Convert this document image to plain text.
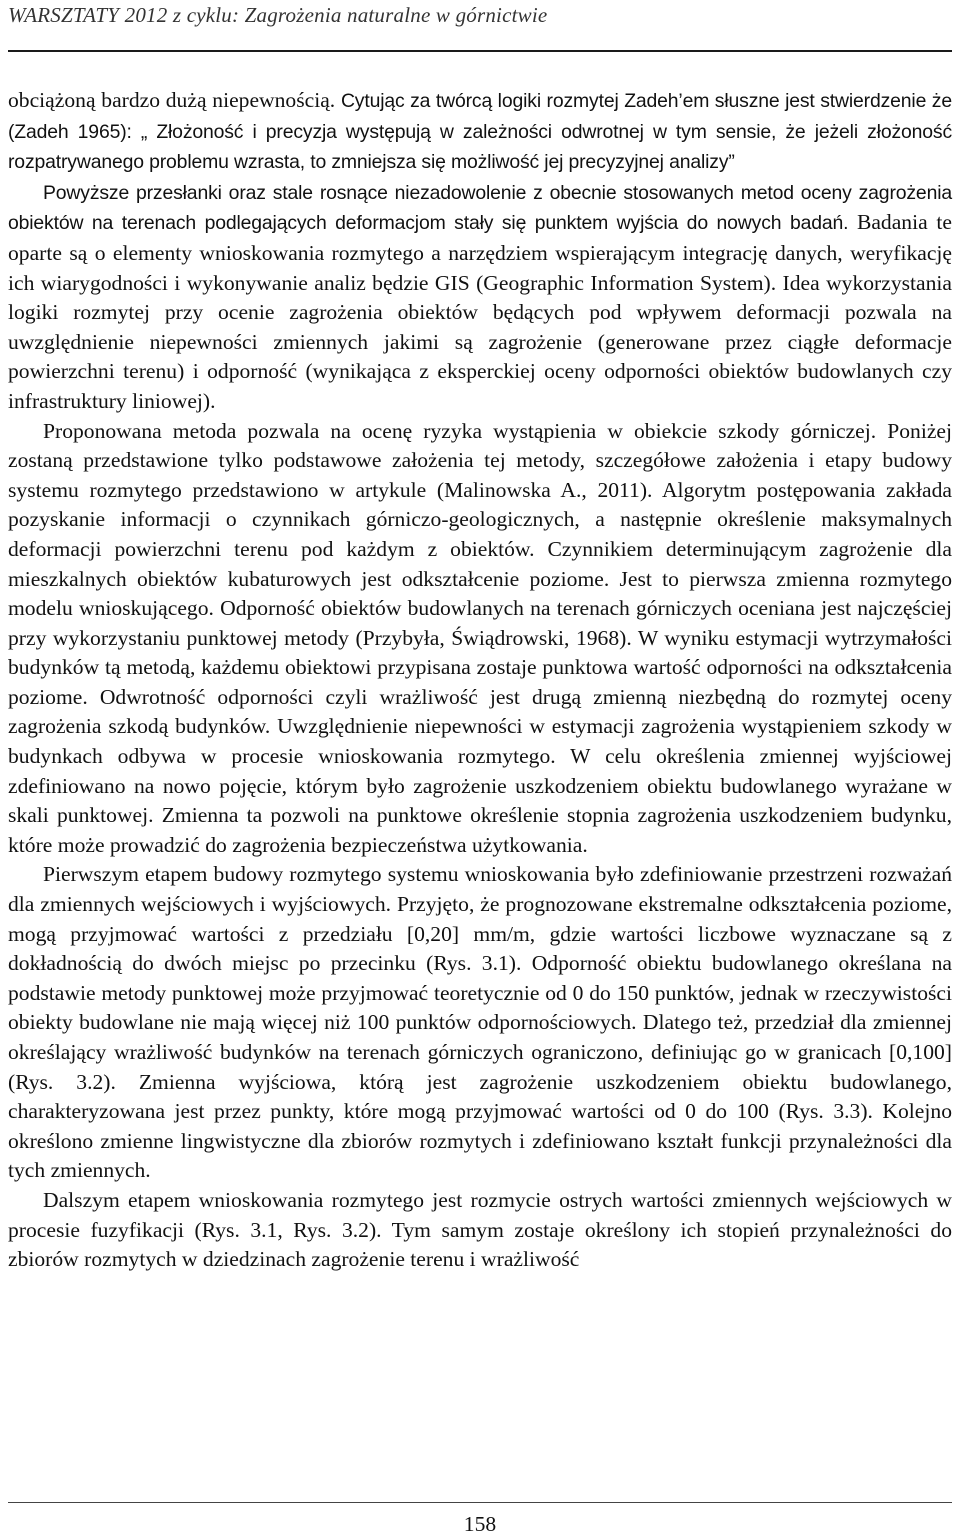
WARSZTATY 2012 z cyklu: Zagrożenia naturalne w górnictwie

obciążoną bardzo dużą niepewnością. Cytując za twórcą logiki rozmytej Zadeh’em słuszne jest stwierdzenie że (Zadeh 1965): „ Złożoność i precyzja występują w zależności odwrotnej w tym sensie, że jeżeli złożoność rozpatrywanego problemu wzrasta, to zmniejsza się możliwość jej precyzyjnej analizy”

Powyższe przesłanki oraz stale rosnące niezadowolenie z obecnie stosowanych metod oceny zagrożenia obiektów na terenach podlegających deformacjom stały się punktem wyjścia do nowych badań. Badania te oparte są o elementy wnioskowania rozmytego a narzędziem wspierającym integrację danych, weryfikację ich wiarygodności i wykonywanie analiz będzie GIS (Geographic Information System). Idea wykorzystania logiki rozmytej przy ocenie zagrożenia obiektów będących pod wpływem deformacji pozwala na uwzględnienie niepewności zmiennych jakimi są zagrożenie (generowane przez ciągłe deformacje powierzchni terenu) i odporność (wynikająca z eksperckiej oceny odporności obiektów budowlanych czy infrastruktury liniowej).

Proponowana metoda pozwala na ocenę ryzyka wystąpienia w obiekcie szkody górniczej. Poniżej zostaną przedstawione tylko podstawowe założenia tej metody, szczegółowe założenia i etapy budowy systemu rozmytego przedstawiono w artykule (Malinowska A., 2011). Algorytm postępowania zakłada pozyskanie informacji o czynnikach górniczo-geologicznych, a następnie określenie maksymalnych deformacji powierzchni terenu pod każdym z obiektów. Czynnikiem determinującym zagrożenie dla mieszkalnych obiektów kubaturowych jest odkształcenie poziome. Jest to pierwsza zmienna rozmytego modelu wnioskującego. Odporność obiektów budowlanych na terenach górniczych oceniana jest najczęściej przy wykorzystaniu punktowej metody (Przybyła, Świądrowski, 1968). W wyniku estymacji wytrzymałości budynków tą metodą, każdemu obiektowi przypisana zostaje punktowa wartość odporności na odkształcenia poziome. Odwrotność odporności czyli wrażliwość jest drugą zmienną niezbędną do rozmytej oceny zagrożenia szkodą budynków. Uwzględnienie niepewności w estymacji zagrożenia wystąpieniem szkody w budynkach odbywa w procesie wnioskowania rozmytego. W celu określenia zmiennej wyjściowej zdefiniowano na nowo pojęcie, którym było zagrożenie uszkodzeniem obiektu budowlanego wyrażane w skali punktowej. Zmienna ta pozwoli na punktowe określenie stopnia zagrożenia uszkodzeniem budynku, które może prowadzić do zagrożenia bezpieczeństwa użytkowania.

Pierwszym etapem budowy rozmytego systemu wnioskowania było zdefiniowanie przestrzeni rozważań dla zmiennych wejściowych i wyjściowych. Przyjęto, że prognozowane ekstremalne odkształcenia poziome, mogą przyjmować wartości z przedziału [0,20] mm/m, gdzie wartości liczbowe wyznaczane są z dokładnością do dwóch miejsc po przecinku (Rys. 3.1). Odporność obiektu budowlanego określana na podstawie metody punktowej może przyjmować teoretycznie od 0 do 150 punktów, jednak w rzeczywistości obiekty budowlane nie mają więcej niż 100 punktów odpornościowych. Dlatego też, przedział dla zmiennej określający wrażliwość budynków na terenach górniczych ograniczono, definiując go w granicach [0,100] (Rys. 3.2). Zmienna wyjściowa, którą jest zagrożenie uszkodzeniem obiektu budowlanego, charakteryzowana jest przez punkty, które mogą przyjmować wartości od 0 do 100 (Rys. 3.3). Kolejno określono zmienne lingwistyczne dla zbiorów rozmytych i zdefiniowano kształt funkcji przynależności dla tych zmiennych.

Dalszym etapem wnioskowania rozmytego jest rozmycie ostrych wartości zmiennych wejściowych w procesie fuzyfikacji (Rys. 3.1, Rys. 3.2). Tym samym zostaje określony ich stopień przynależności do zbiorów rozmytych w dziedzinach zagrożenie terenu i wrażliwość

158
